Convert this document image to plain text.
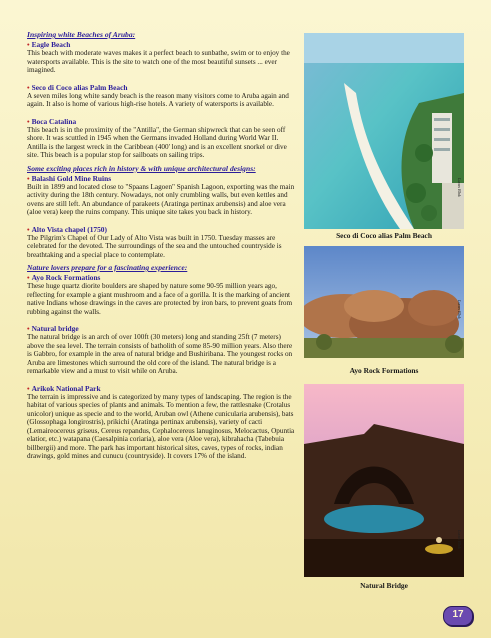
Inspiring white Beaches of Aruba:
• Eagle Beach
This beach with moderate waves makes it a perfect beach to sunbathe, swim or to enjoy the watersports available. This is the site to watch one of the most beautiful sunsets ... ever imagined.
• Seco di Coco alias Palm Beach
A seven miles long white sandy beach is the reason many visitors come to Aruba again and again. It also is home of various high-rise hotels. A variety of watersports is available.
• Boca Catalina
This beach is in the proximity of the "Antilla", the German shipwreck that can be seen off shore. It was scuttled in 1945 when the Germans invaded Holland during World War II. Antilla is the largest wreck in the Caribbean (400' long) and is an excellent snorkel or dive site. This beach is a popular stop for sailboats on sailing trips.
Some exciting places rich in history & with unique architectural designs:
• Balashi Gold Mine Ruins
Built in 1899 and located close to "Spaans Lagoen" Spanish Lagoon, exporting was the main activity during the 18th century. Nowadays, not only crumbling walls, but even kettles and ovens are still left. An abundance of parakeets (Aratinga pertinax arubensis) and aloe vera (aloe vera) keep the ruins company. This unique site takes you back in history.
• Alto Vista chapel (1750)
The Pilgrim's Chapel of Our Lady of Alto Vista was built in 1750. Tuesday masses are celebrated for the devoted. The surroundings of the sea and the untouched countryside is breathtaking and a special place to contemplate.
Nature lovers prepare for a fascinating experience:
• Ayo Rock Formations
These huge quartz diorite boulders are shaped by nature some 90-95 million years ago, reflecting for example a giant mushroom and a face of a gorilla. It is the marking of ancient native Indians whose drawings in the caves are protected by iron bars, to prevent goats from rubbing against the walls.
• Natural bridge
The natural bridge is an arch of over 100ft (30 meters) long and standing 25ft (7 meters) above the sea level. The terrain consists of batholith of some 85-90 million years. Also there is Gabbro, for example in the area of natural bridge and Bushiribana. The youngest rocks on Aruba are limestones which surround the old core of the island. The natural bridge is a remarkable view and a must to visit while on Aruba.
• Arikok National Park
The terrain is impressive and is categorized by many types of landscaping. The region is the habitat of various species of plants and animals. To mention a few, the rattlesnake (Crotalus unicolor) unique as specie and to the world, Aruban owl (Athene cunicularia arubensis), bats (Glossophaga longirostris), prikichi (Aratinga pertinax arubensis), variety of cacti (Lemaireocereus griseus, Cereus repandus, Cephalocereus lanuginosus, Melocactus, Opuntia elatior, etc.) watapana (Caesalpinia coriaria), aloe vera (Aloe vera), kibrahacha (Tabebuia billbergii) and more. The park has important historical sites, caves, types of rocks, indian drawings, gold mines and cunucu (countryside). It covers 17% of the island.
Lucas Blok
Seco di Coco alias Palm Beach
Lucas Blok
Ayo Rock Formations
Lucas Blok
Natural Bridge
17
